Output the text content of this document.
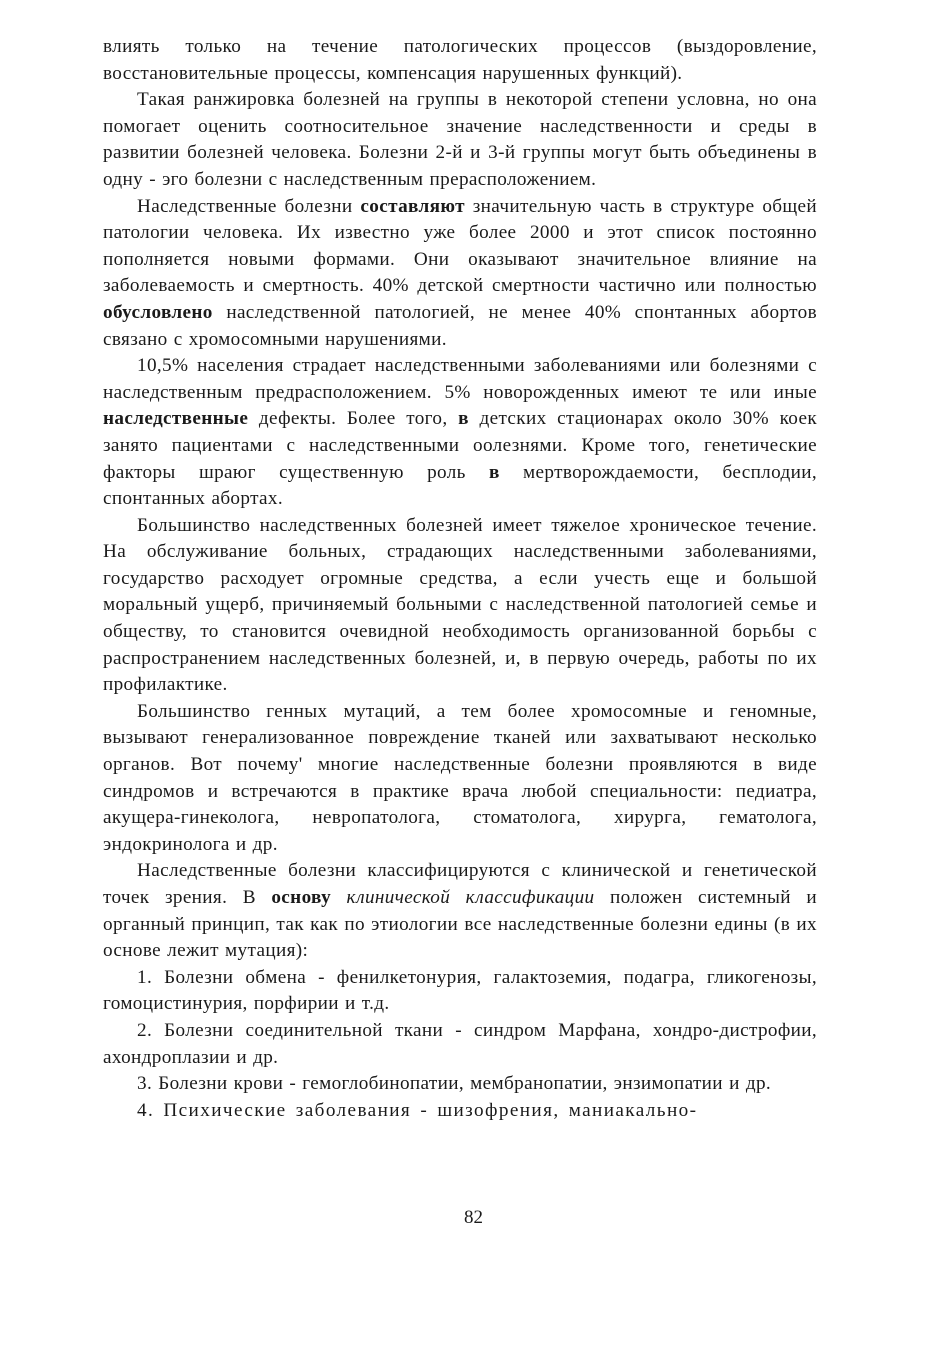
влиять только на течение патологических процессов (выздоровление, восстановительные процессы, компенсация нарушенных функций).

Такая ранжировка болезней на группы в некоторой степени условна, но она помогает оценить соотносительное значение наследственности и среды в развитии болезней человека. Болезни 2-й и 3-й группы могут быть объединены в одну - эго болезни с наследственным прерасположением.

Наследственные болезни составляют значительную часть в структуре общей патологии человека. Их известно уже более 2000 и этот список постоянно пополняется новыми формами. Они оказывают значительное влияние на заболеваемость и смертность. 40% детской смертности частично или полностью обусловлено наследственной патологией, не менее 40% спонтанных абортов связано с хромосомными нарушениями.

10,5% населения страдает наследственными заболеваниями или болезнями с наследственным предрасположением. 5% новорожденных имеют те или иные наследственные дефекты. Более того, в детских стационарах около 30% коек занято пациентами с наследственными оолезнями. Кроме того, генетические факторы шраюг существенную роль в мертворождаемости, бесплодии, спонтанных абортах.

Большинство наследственных болезней имеет тяжелое хроническое течение. На обслуживание больных, страдающих наследственными заболеваниями, государство расходует огромные средства, а если учесть еще и большой моральный ущерб, причиняемый больными с наследственной патологией семье и обществу, то становится очевидной необходимость организованной борьбы с распространением наследственных болезней, и, в первую очередь, работы по их профилактике.

Большинство генных мутаций, а тем более хромосомные и геномные, вызывают генерализованное повреждение тканей или захватывают несколько органов. Вот почему' многие наследственные болезни проявляются в виде синдромов и встречаются в практике врача любой специальности: педиатра, акущера-гинеколога, невропатолога, стоматолога, хирурга, гематолога, эндокринолога и др.

Наследственные болезни классифицируются с клинической и генетической точек зрения. В основу клинической классификации положен системный и органный принцип, так как по этиологии все наследственные болезни едины (в их основе лежит мутация):

1. Болезни обмена - фенилкетонурия, галактоземия, подагра, гликогенозы, гомоцистинурия, порфирии и т.д.

2. Болезни соединительной ткани - синдром Марфана, хондро-дистрофии, ахондроплазии и др.

3. Болезни крови - гемоглобинопатии, мембранопатии, энзимопатии и др.

4. Психические заболевания - шизофрения, маниакально-

82
